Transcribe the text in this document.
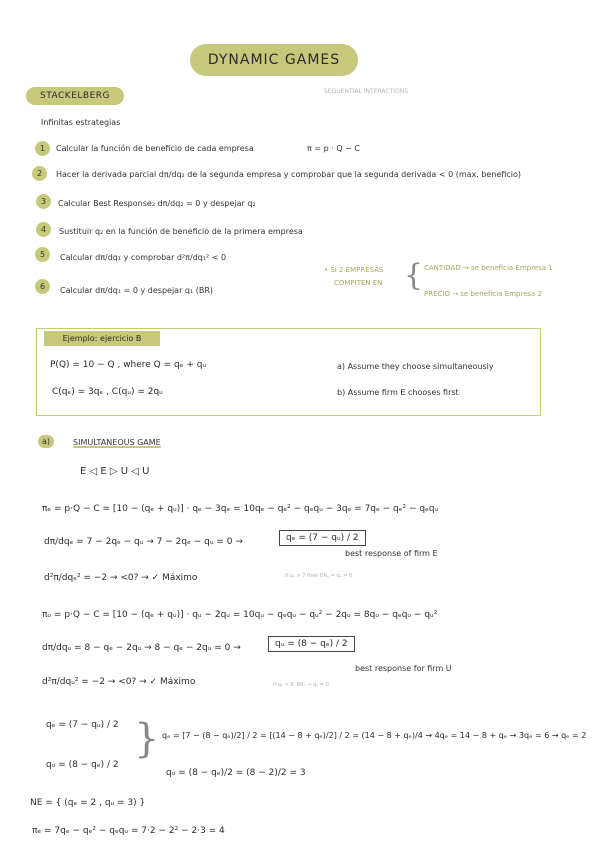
DYNAMIC GAMES
SEQUENTIAL INTERACTIONS
STACKELBERG
Infinitas estrategias
1	Calcular la función de beneficio de cada empresa	π = p · Q − C
2	Hacer la derivada parcial dπ/dq₂ de la segunda empresa y comprobar que la segunda derivada < 0 (max. beneficio)
3	Calcular Best Response₂ dπ/dq₂ = 0 y despejar q₂
4	Sustituir q₂ en la función de beneficio de la primera empresa
5	Calcular dπ/dq₁ y comprobar d²π/dq₁² < 0
6	Calcular dπ/dq₁ = 0 y despejar q₁ (BR)
• Si 2 EMPRESAS
COMPITEN EN { CANTIDAD → se beneficia Empresa 1
PRECIO → se beneficia Empresa 2
Ejemplo: ejercicio B
P(Q) = 10 − Q , where Q = qₑ + qᵤ
C(qₑ) = 3qₑ , C(qᵤ) = 2qᵤ
a) Assume they choose simultaneously
b) Assume firm E chooses first
a)	SIMULTANEOUS GAME
E ◁ E ▷ U ◁ U
πₑ = p·Q − C = [10 − (qₑ + qᵤ)] · qₑ − 3qₑ = 10qₑ − qₑ² − qₑqᵤ − 3qₑ = 7qₑ − qₑ² − qₑqᵤ
dπ/dqₑ = 7 − 2qₑ − qᵤ → 7 − 2qₑ − qᵤ = 0 →	qₑ = (7 − qᵤ) / 2
best response of firm E
d²π/dqₑ² = −2 → <0? → ✓ Máximo	if qᵤ > 7 then BRₑ = qₑ = 0
πᵤ = p·Q − C = [10 − (qₑ + qᵤ)] · qᵤ − 2qᵤ = 10qᵤ − qₑqᵤ − qᵤ² − 2qᵤ = 8qᵤ − qₑqᵤ − qᵤ²
dπ/dqᵤ = 8 − qₑ − 2qᵤ → 8 − qₑ − 2qᵤ = 0 →	qᵤ = (8 − qₑ) / 2
best response for firm U
d²π/dqᵤ² = −2 → <0? → ✓ Máximo	if qₑ > 8, BRᵤ → qᵤ = 0
qₑ = (7 − qᵤ) / 2
qᵤ = (8 − qₑ) / 2
} qₑ = [7 − (8 − qₑ)/2] / 2 = [(14 − 8 + qₑ)/2] / 2 = (14 − 8 + qₑ)/4 → 4qₑ = 14 − 8 + qₑ → 3qₑ = 6 → qₑ = 2
qᵤ = (8 − qₑ)/2 = (8 − 2)/2 = 3
NE = { (qₑ = 2 , qᵤ = 3) }
πₑ = 7qₑ − qₑ² − qₑqᵤ = 7·2 − 2² − 2·3 = 4
